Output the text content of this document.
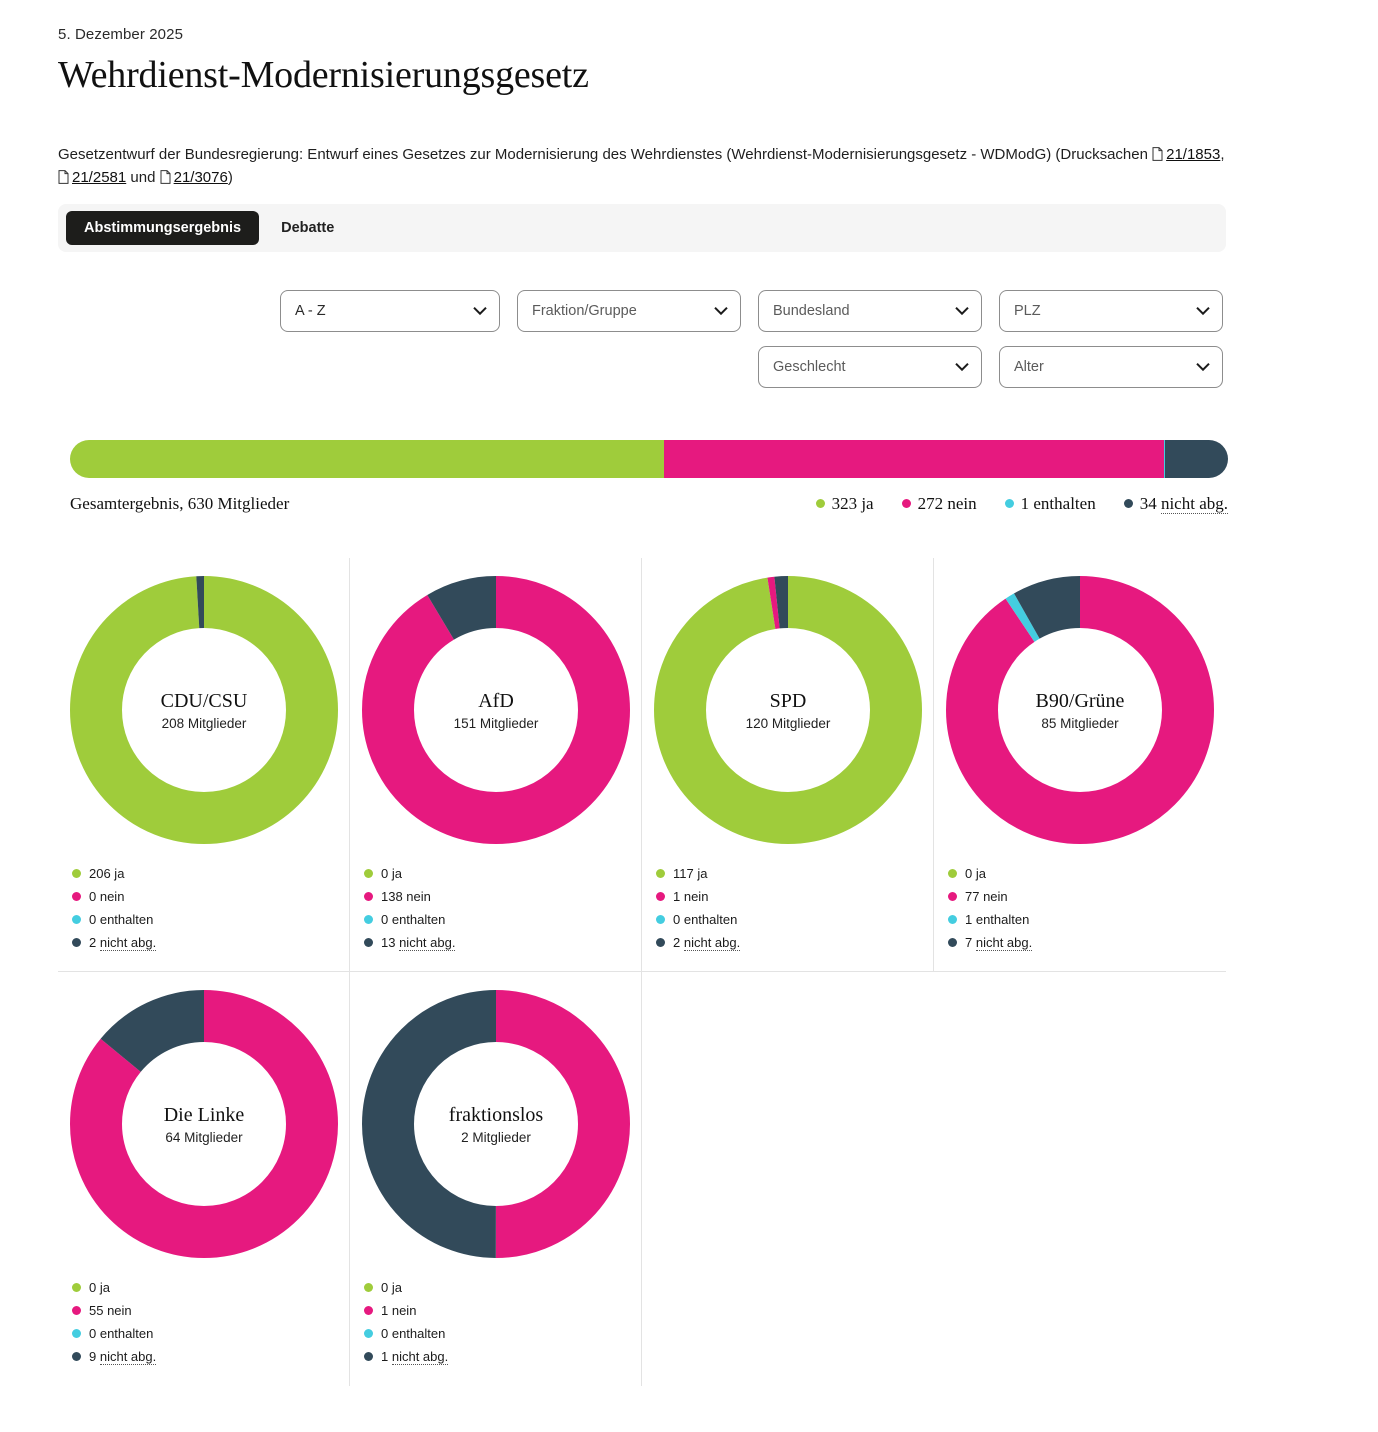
5. Dezember 2025
Wehrdienst-Modernisierungsgesetz
Gesetzentwurf der Bundesregierung: Entwurf eines Gesetzes zur Modernisierung des Wehrdienstes (Wehrdienst-Modernisierungsgesetz - WDModG) (Drucksachen 21/1853, 21/2581 und 21/3076)
Abstimmungsergebnis	Debatte
A - Z	Fraktion/Gruppe	Bundesland	PLZ
Geschlecht	Alter
Gesamtergebnis, 630 Mitglieder	323 ja	272 nein	1 enthalten	34 nicht abg.
CDU/CSU
208 Mitglieder
206 ja
0 nein
0 enthalten
2 nicht abg.
AfD
151 Mitglieder
0 ja
138 nein
0 enthalten
13 nicht abg.
SPD
120 Mitglieder
117 ja
1 nein
0 enthalten
2 nicht abg.
B90/Grüne
85 Mitglieder
0 ja
77 nein
1 enthalten
7 nicht abg.
Die Linke
64 Mitglieder
0 ja
55 nein
0 enthalten
9 nicht abg.
fraktionslos
2 Mitglieder
0 ja
1 nein
0 enthalten
1 nicht abg.
